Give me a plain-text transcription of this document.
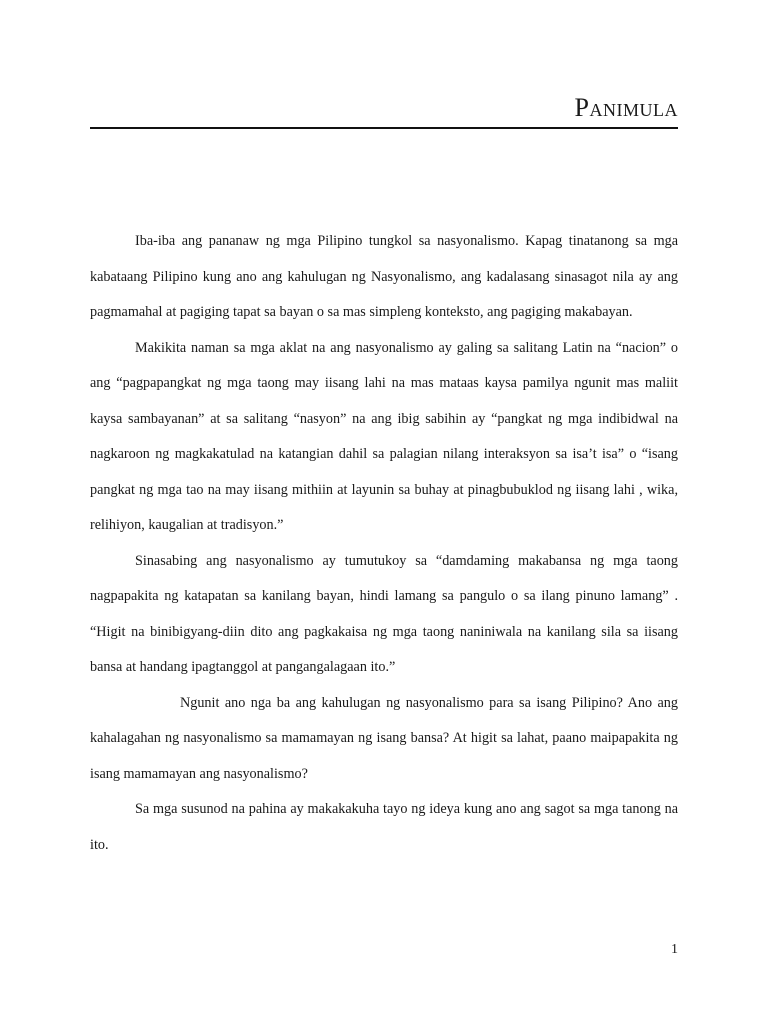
Panimula

Iba-iba ang pananaw ng mga Pilipino tungkol sa nasyonalismo. Kapag tinatanong sa mga kabataang Pilipino kung ano ang kahulugan ng Nasyonalismo, ang kadalasang sinasagot nila ay ang pagmamahal at pagiging tapat sa bayan o sa mas simpleng konteksto, ang pagiging makabayan.

Makikita naman sa mga aklat na ang nasyonalismo ay galing sa salitang Latin na “nacion” o ang “pagpapangkat ng mga taong may iisang lahi na mas mataas kaysa pamilya ngunit mas maliit kaysa sambayanan” at sa salitang “nasyon” na ang ibig sabihin ay “pangkat ng mga indibidwal na nagkaroon ng magkakatulad na katangian dahil sa palagian nilang interaksyon sa isa’t isa” o “isang pangkat ng mga tao na may iisang mithiin at layunin sa buhay at pinagbubuklod ng iisang lahi , wika, relihiyon, kaugalian at tradisyon.”

Sinasabing ang nasyonalismo ay tumutukoy sa “damdaming makabansa ng mga taong nagpapakita ng katapatan sa kanilang bayan, hindi lamang sa pangulo o sa ilang pinuno lamang” . “Higit na binibigyang-diin dito ang pagkakaisa ng mga taong naniniwala na kanilang sila sa iisang bansa at handang ipagtanggol at pangangalagaan ito.”

Ngunit ano nga ba ang kahulugan ng nasyonalismo para sa isang Pilipino? Ano ang kahalagahan ng nasyonalismo sa mamamayan ng isang bansa? At higit sa lahat, paano maipapakita ng isang mamamayan ang nasyonalismo?

Sa mga susunod na pahina ay makakakuha tayo ng ideya kung ano ang sagot sa mga tanong na ito.

1
